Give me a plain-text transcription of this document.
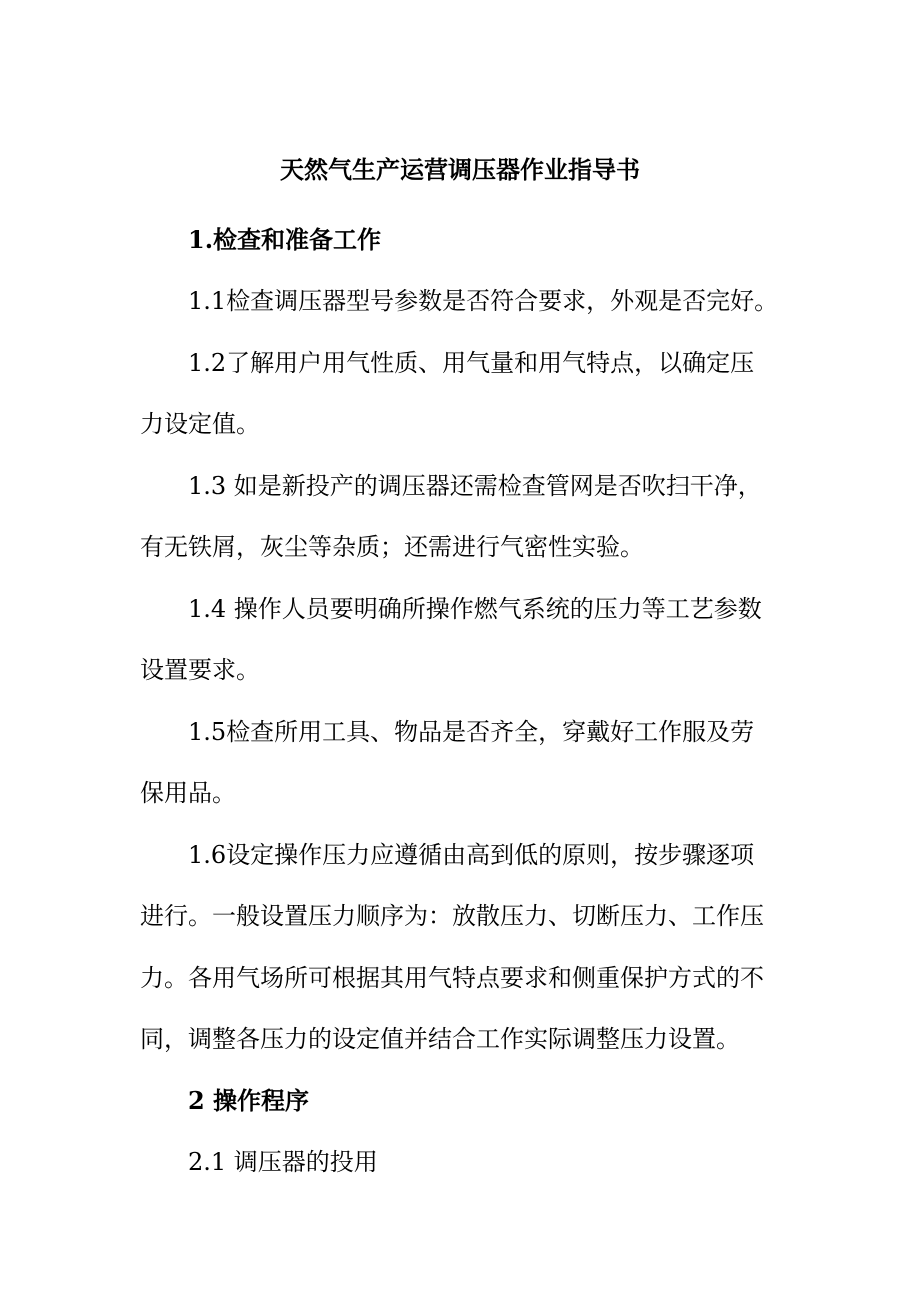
天然气生产运营调压器作业指导书
1.检查和准备工作
1.1检查调压器型号参数是否符合要求，外观是否完好。
1.2了解用户用气性质、用气量和用气特点，以确定压
力设定值。
1.3 如是新投产的调压器还需检查管网是否吹扫干净，
有无铁屑，灰尘等杂质；还需进行气密性实验。
1.4 操作人员要明确所操作燃气系统的压力等工艺参数
设置要求。
1.5检查所用工具、物品是否齐全，穿戴好工作服及劳
保用品。
1.6设定操作压力应遵循由高到低的原则，按步骤逐项
进行。一般设置压力顺序为：放散压力、切断压力、工作压
力。各用气场所可根据其用气特点要求和侧重保护方式的不
同，调整各压力的设定值并结合工作实际调整压力设置。
2 操作程序
2.1 调压器的投用
